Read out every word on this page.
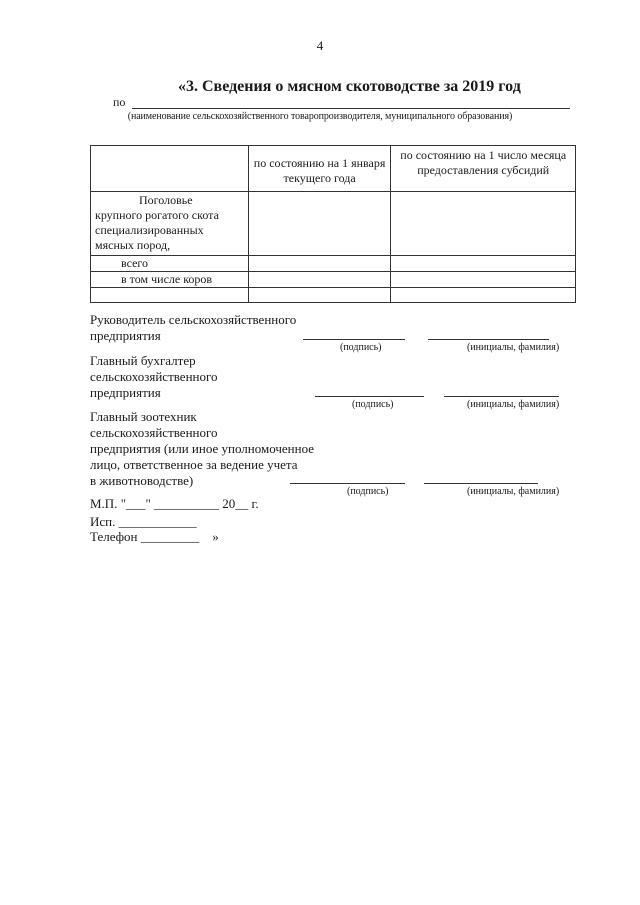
4
«3. Сведения о мясном скотоводстве за 2019 год
по
(наименование сельскохозяйственного товаропроизводителя, муниципального образования)
	по состоянию на 1 января текущего года	по состоянию на 1 число месяца предоставления субсидий

Поголовье
крупного рогатого скота
специализированных
мясных пород,		

всего		
в том числе коров		

Руководитель сельскохозяйственного
предприятия
(подпись)	(инициалы, фамилия)
Главный бухгалтер
сельскохозяйственного
предприятия
(подпись)	(инициалы, фамилия)
Главный зоотехник
сельскохозяйственного
предприятия (или иное уполномоченное
лицо, ответственное за ведение учета
в животноводстве)
(подпись)	(инициалы, фамилия)
М.П. "___" __________ 20__ г.
Исп. ____________
Телефон _________    »
